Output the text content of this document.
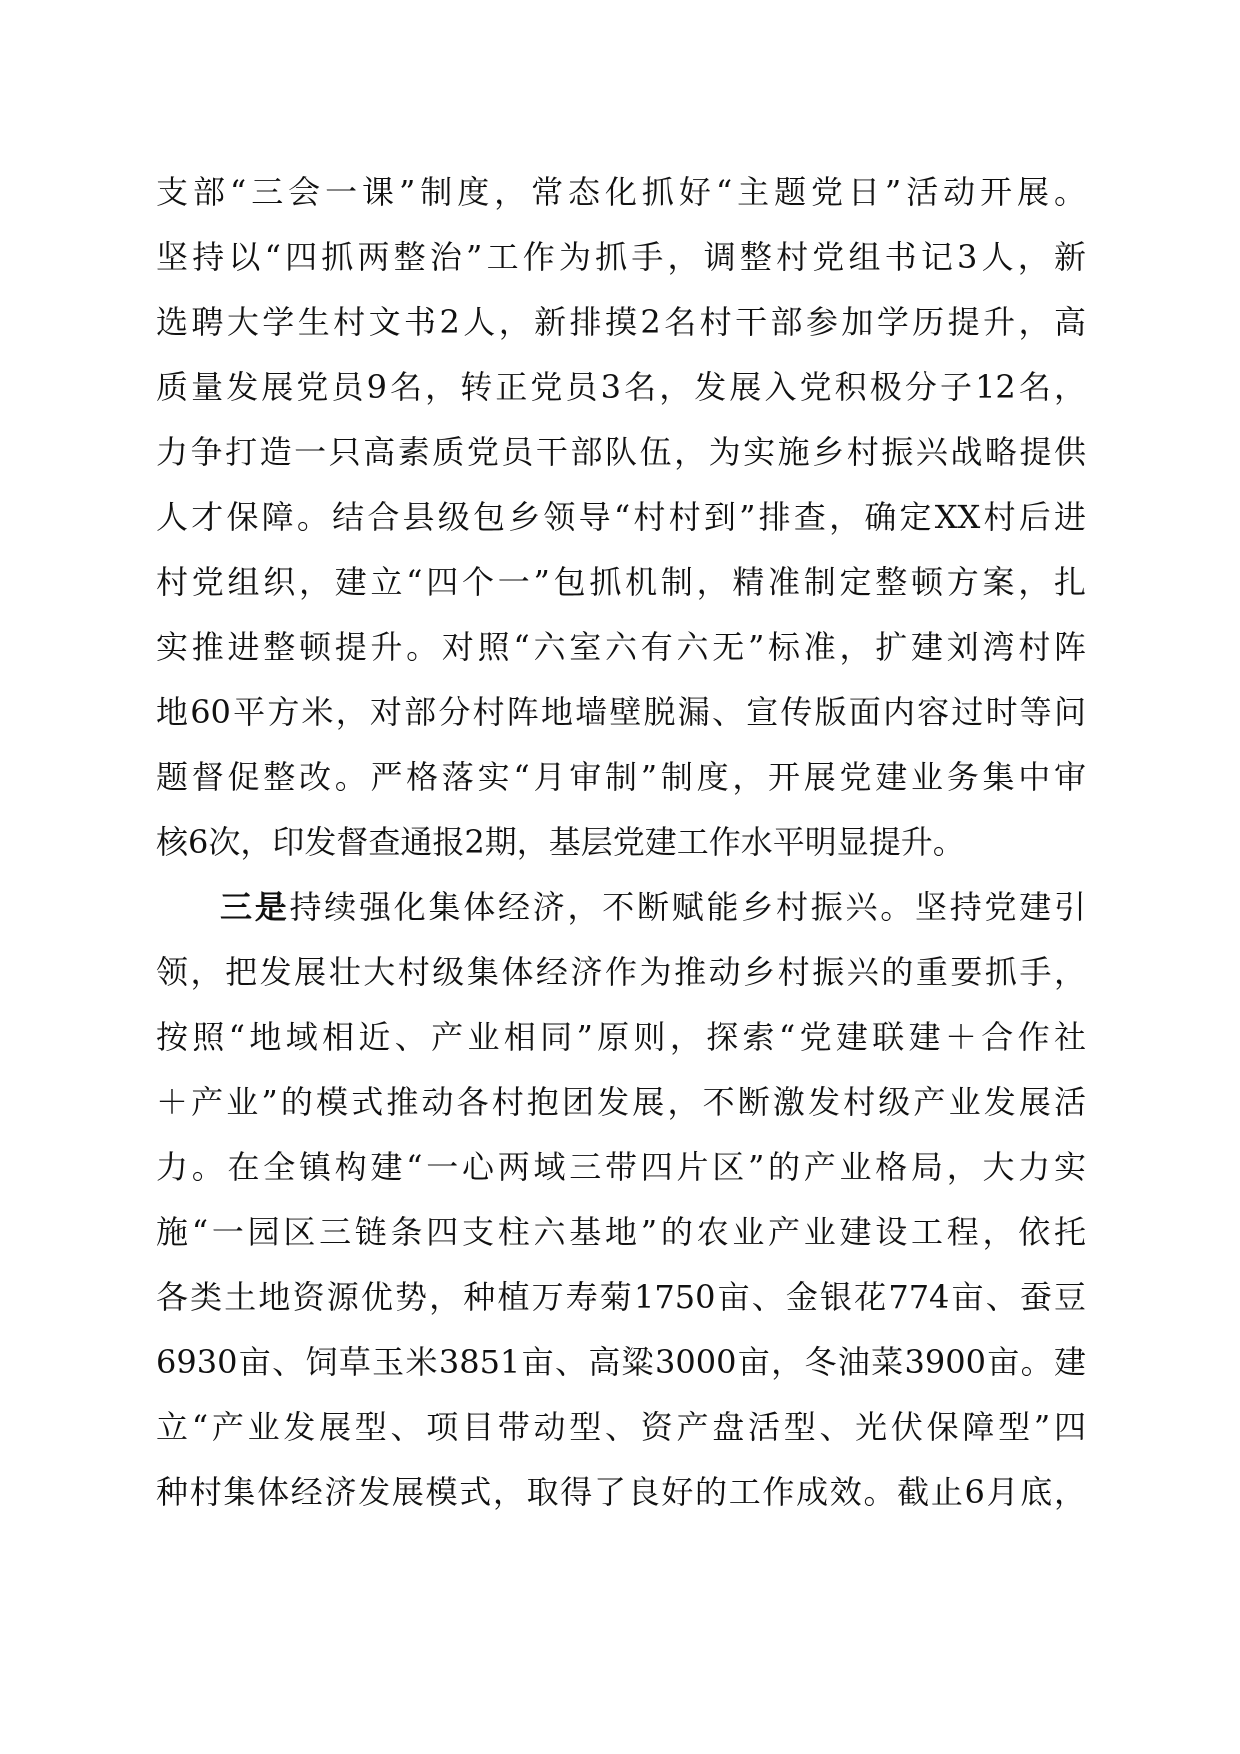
支部“三会一课”制度，常态化抓好“主题党日”活动开展。
坚持以“四抓两整治”工作为抓手，调整村党组书记3人，新
选聘大学生村文书2人，新排摸2名村干部参加学历提升，高
质量发展党员9名，转正党员3名，发展入党积极分子12名，
力争打造一只高素质党员干部队伍，为实施乡村振兴战略提供
人才保障。结合县级包乡领导“村村到”排查，确定XX村后进
村党组织，建立“四个一”包抓机制，精准制定整顿方案，扎
实推进整顿提升。对照“六室六有六无”标准，扩建刘湾村阵
地60平方米，对部分村阵地墙壁脱漏、宣传版面内容过时等问
题督促整改。严格落实“月审制”制度，开展党建业务集中审
核6次，印发督查通报2期，基层党建工作水平明显提升。
三是持续强化集体经济，不断赋能乡村振兴。坚持党建引
领，把发展壮大村级集体经济作为推动乡村振兴的重要抓手，
按照“地域相近、产业相同”原则，探索“党建联建＋合作社
＋产业”的模式推动各村抱团发展，不断激发村级产业发展活
力。在全镇构建“一心两域三带四片区”的产业格局，大力实
施“一园区三链条四支柱六基地”的农业产业建设工程，依托
各类土地资源优势，种植万寿菊1750亩、金银花774亩、蚕豆
6930亩、饲草玉米3851亩、高粱3000亩，冬油菜3900亩。建
立“产业发展型、项目带动型、资产盘活型、光伏保障型”四
种村集体经济发展模式，取得了良好的工作成效。截止6月底，
